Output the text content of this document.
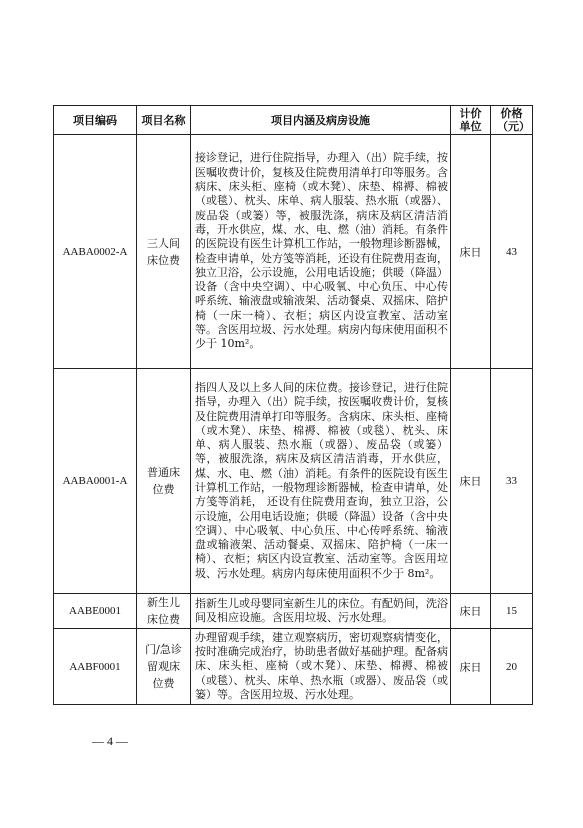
项目编码	项目名称	项目内涵及病房设施	计价单位	价格（元）
AABA0002-A	三人间床位费	接诊登记，进行住院指导，办理入（出）院手续，按医嘱收费计价，复核及住院费用清单打印等服务。含病床、床头柜、座椅（或木凳）、床垫、棉褥、棉被（或毯）、枕头、床单、病人服装、热水瓶（或器）、废品袋（或篓）等，被服洗涤，病床及病区清洁消毒，开水供应，煤、水、电、燃（油）消耗。有条件的医院设有医生计算机工作站，一般物理诊断器械，检查申请单，处方笺等消耗，还设有住院费用查询，独立卫浴，公示设施，公用电话设施；供暖（降温）设备（含中央空调）、中心吸氧、中心负压、中心传呼系统、输液盘或输液架、活动餐桌、双摇床、陪护椅（一床一椅）、衣柜；病区内设宣教室、活动室等。含医用垃圾、污水处理。病房内每床使用面积不少于 10m²。	床日	43
AABA0001-A	普通床位费	指四人及以上多人间的床位费。接诊登记，进行住院指导，办理入（出）院手续，按医嘱收费计价，复核及住院费用清单打印等服务。含病床、床头柜、座椅（或木凳）、床垫、棉褥、棉被（或毯）、枕头、床单、病人服装、热水瓶（或器）、废品袋（或篓）等，被服洗涤，病床及病区清洁消毒，开水供应，煤、水、电、燃（油）消耗。有条件的医院设有医生计算机工作站，一般物理诊断器械，检查申请单，处方笺等消耗， 还设有住院费用查询，独立卫浴，公示设施，公用电话设施；供暖（降温）设备（含中央空调）、中心吸氧、中心负压、中心传呼系统、输液盘或输液架、活动餐桌、双摇床、陪护椅（一床一椅）、衣柜；病区内设宣教室、活动室等。含医用垃圾、污水处理。病房内每床使用面积不少于 8m²。	床日	33
AABE0001	新生儿床位费	指新生儿或母婴同室新生儿的床位。有配奶间，洗浴间及相应设施。含医用垃圾、污水处理。	床日	15
AABF0001	门/急诊留观床位费	办理留观手续，建立观察病历，密切观察病情变化，按时准确完成治疗，协助患者做好基础护理。配备病床、床头柜、座椅（或木凳）、床垫、棉褥、棉被（或毯）、枕头、床单、热水瓶（或器）、废品袋（或篓）等。含医用垃圾、污水处理。	床日	20
— 4 —
